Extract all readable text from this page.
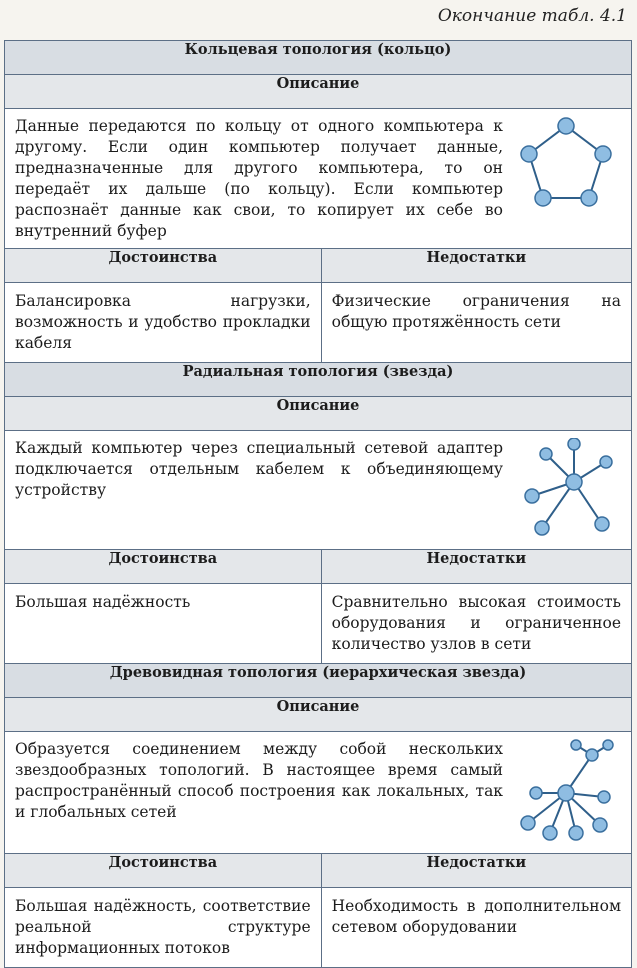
Окончание табл. 4.1
Кольцевая топология (кольцо)	
Описание	

Данные передаются по кольцу от одного компьютера к другому. Если один компьютер получает данные, предназначенные для другого компьютера, то он передаёт их дальше (по кольцу). Если компьютер распознаёт данные как свои, то копирует их себе во внутренний буфер	

Достоинства	Недостатки
Балансировка нагрузки, возможность и удобство прокладки кабеля	Физические ограничения на общую протяжённость сети
Радиальная топология (звезда)	
Описание	

Каждый компьютер через специальный сетевой адаптер подключается отдельным кабелем к объединяющему устройству	

Достоинства	Недостатки
Большая надёжность	Сравнительно высокая стоимость оборудования и ограниченное количество узлов в сети
Древовидная топология (иерархическая звезда)	
Описание	

Образуется соединением между собой нескольких звездообразных топологий. В настоящее время самый распространённый способ построения как локальных, так и глобальных сетей	

Достоинства	Недостатки
Большая надёжность, соответствие реальной структуре информационных потоков	Необходимость в дополнительном сетевом оборудовании
